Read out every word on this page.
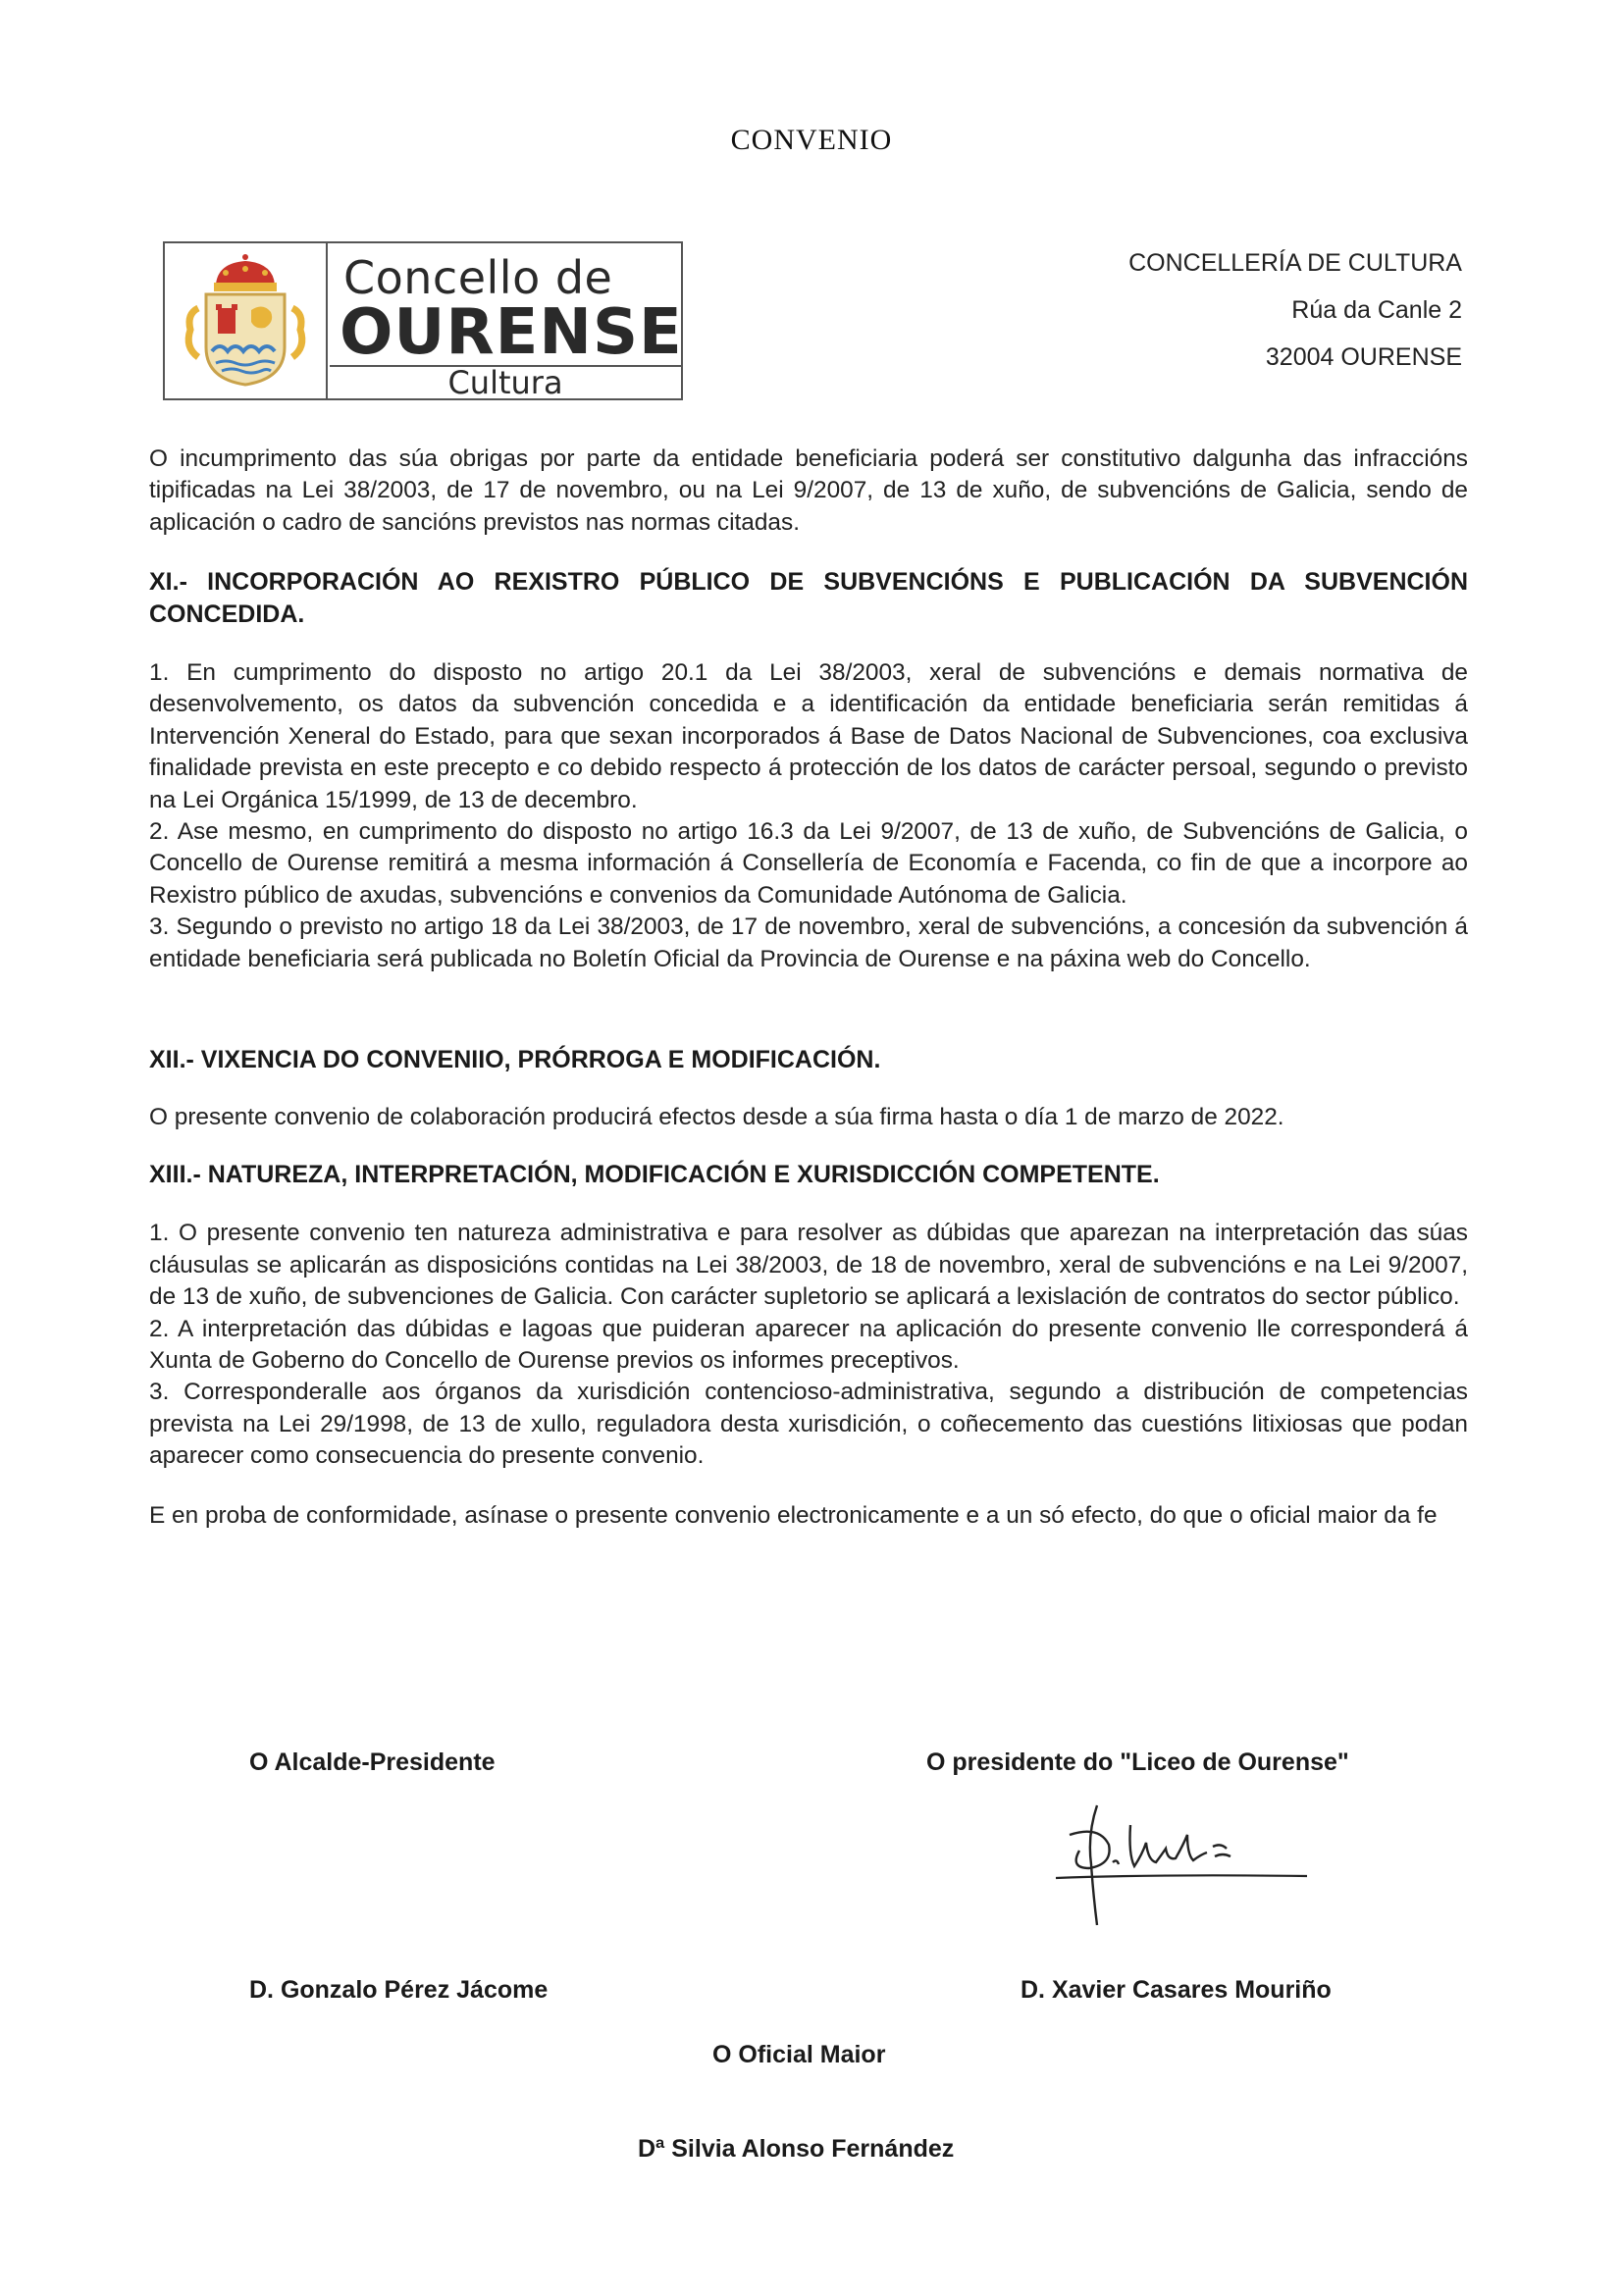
CONVENIO
Concello de
OURENSE
Cultura
CONCELLERÍA DE CULTURA
Rúa da Canle 2
32004 OURENSE

O incumprimento das súa obrigas por parte da entidade beneficiaria poderá ser constitutivo dalgunha das infraccións tipificadas na Lei 38/2003, de 17 de novembro, ou na Lei 9/2007, de 13 de xuño, de subvencións de Galicia, sendo de aplicación o cadro de sancións previstos nas normas citadas.

XI.- INCORPORACIÓN AO REXISTRO PÚBLICO DE SUBVENCIÓNS E PUBLICACIÓN DA SUBVENCIÓN CONCEDIDA.

1. En cumprimento do disposto no artigo 20.1 da Lei 38/2003, xeral de subvencións e demais normativa de desenvolvemento, os datos da subvención concedida e a identificación da entidade beneficiaria serán remitidas á Intervención Xeneral do Estado, para que sexan incorporados á Base de Datos Nacional de Subvenciones, coa exclusiva finalidade prevista en este precepto e co debido respecto á protección de los datos de carácter persoal, segundo o previsto na Lei Orgánica 15/1999, de 13 de decembro.

2. Ase mesmo, en cumprimento do disposto no artigo 16.3 da Lei 9/2007, de 13 de xuño, de Subvencións de Galicia, o Concello de Ourense remitirá a mesma información á Consellería de Economía e Facenda, co fin de que a incorpore ao Rexistro público de axudas, subvencións e convenios da Comunidade Autónoma de Galicia.

3. Segundo o previsto no artigo 18 da Lei 38/2003, de 17 de novembro, xeral de subvencións, a concesión da subvención á entidade beneficiaria será publicada no Boletín Oficial da Provincia de Ourense e na páxina web do Concello.

XII.- VIXENCIA DO CONVENIIO, PRÓRROGA E MODIFICACIÓN.

O presente convenio de colaboración producirá efectos desde a súa firma hasta o día 1 de marzo de 2022.

XIII.- NATUREZA, INTERPRETACIÓN, MODIFICACIÓN E XURISDICCIÓN COMPETENTE.

1. O presente convenio ten natureza administrativa e para resolver as dúbidas que aparezan na interpretación das súas cláusulas se aplicarán as disposicións contidas na Lei 38/2003, de 18 de novembro, xeral de subvencións e na Lei 9/2007, de 13 de xuño, de subvenciones de Galicia. Con carácter supletorio se aplicará a lexislación de contratos do sector público.

2. A interpretación das dúbidas e lagoas que puideran aparecer na aplicación do presente convenio lle corresponderá á Xunta de Goberno do Concello de Ourense previos os informes preceptivos.

3. Corresponderalle aos órganos da xurisdición contencioso-administrativa, segundo a distribución de competencias prevista na Lei 29/1998, de 13 de xullo, reguladora desta xurisdición, o coñecemento das cuestións litixiosas que podan aparecer como consecuencia do presente convenio.

E en proba de conformidade, asínase o presente convenio electronicamente e a un só efecto, do que o oficial maior da fe

O Alcalde-Presidente	O presidente do "Liceo de Ourense"
D. Gonzalo Pérez Jácome	D. Xavier Casares Mouriño
O Oficial Maior
Dª Silvia Alonso Fernández
